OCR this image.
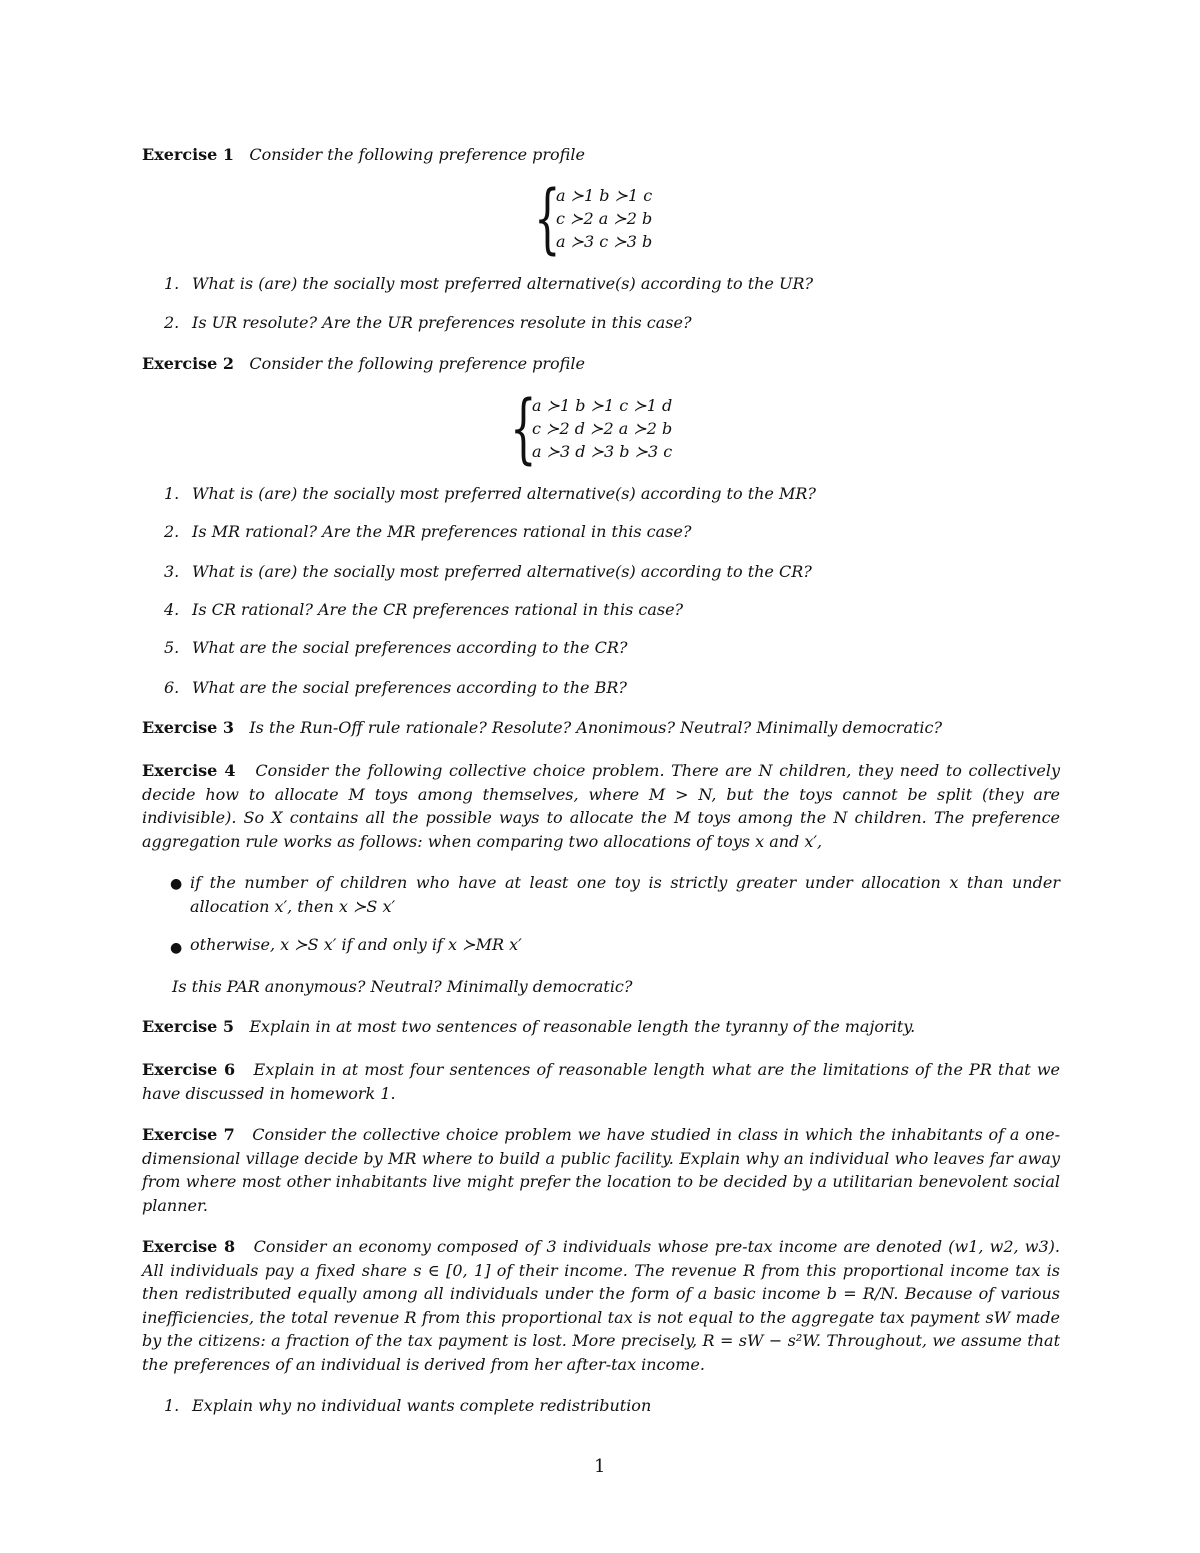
Exercise 1 Consider the following preference profile
{
a ≻1 b ≻1 c
c ≻2 a ≻2 b
a ≻3 c ≻3 b
1. What is (are) the socially most preferred alternative(s) according to the UR?
2. Is UR resolute? Are the UR preferences resolute in this case?
Exercise 2 Consider the following preference profile
{
a ≻1 b ≻1 c ≻1 d
c ≻2 d ≻2 a ≻2 b
a ≻3 d ≻3 b ≻3 c
1. What is (are) the socially most preferred alternative(s) according to the MR?
2. Is MR rational? Are the MR preferences rational in this case?
3. What is (are) the socially most preferred alternative(s) according to the CR?
4. Is CR rational? Are the CR preferences rational in this case?
5. What are the social preferences according to the CR?
6. What are the social preferences according to the BR?
Exercise 3 Is the Run-Off rule rationale? Resolute? Anonimous? Neutral? Minimally democratic?
Exercise 4 Consider the following collective choice problem. There are N children, they need to collectively decide how to allocate M toys among themselves, where M > N, but the toys cannot be split (they are indivisible). So X contains all the possible ways to allocate the M toys among the N children. The preference aggregation rule works as follows: when comparing two allocations of toys x and x′,
● if the number of children who have at least one toy is strictly greater under allocation x than under allocation x′, then x ≻S x′
● otherwise, x ≻S x′ if and only if x ≻MR x′
Is this PAR anonymous? Neutral? Minimally democratic?
Exercise 5 Explain in at most two sentences of reasonable length the tyranny of the majority.
Exercise 6 Explain in at most four sentences of reasonable length what are the limitations of the PR that we have discussed in homework 1.
Exercise 7 Consider the collective choice problem we have studied in class in which the inhabitants of a one-dimensional village decide by MR where to build a public facility. Explain why an individual who leaves far away from where most other inhabitants live might prefer the location to be decided by a utilitarian benevolent social planner.
Exercise 8 Consider an economy composed of 3 individuals whose pre-tax income are denoted (w1, w2, w3). All individuals pay a fixed share s ∈ [0, 1] of their income. The revenue R from this proportional income tax is then redistributed equally among all individuals under the form of a basic income b = R/N. Because of various inefficiencies, the total revenue R from this proportional tax is not equal to the aggregate tax payment sW made by the citizens: a fraction of the tax payment is lost. More precisely, R = sW − s²W. Throughout, we assume that the preferences of an individual is derived from her after-tax income.
1. Explain why no individual wants complete redistribution
1
